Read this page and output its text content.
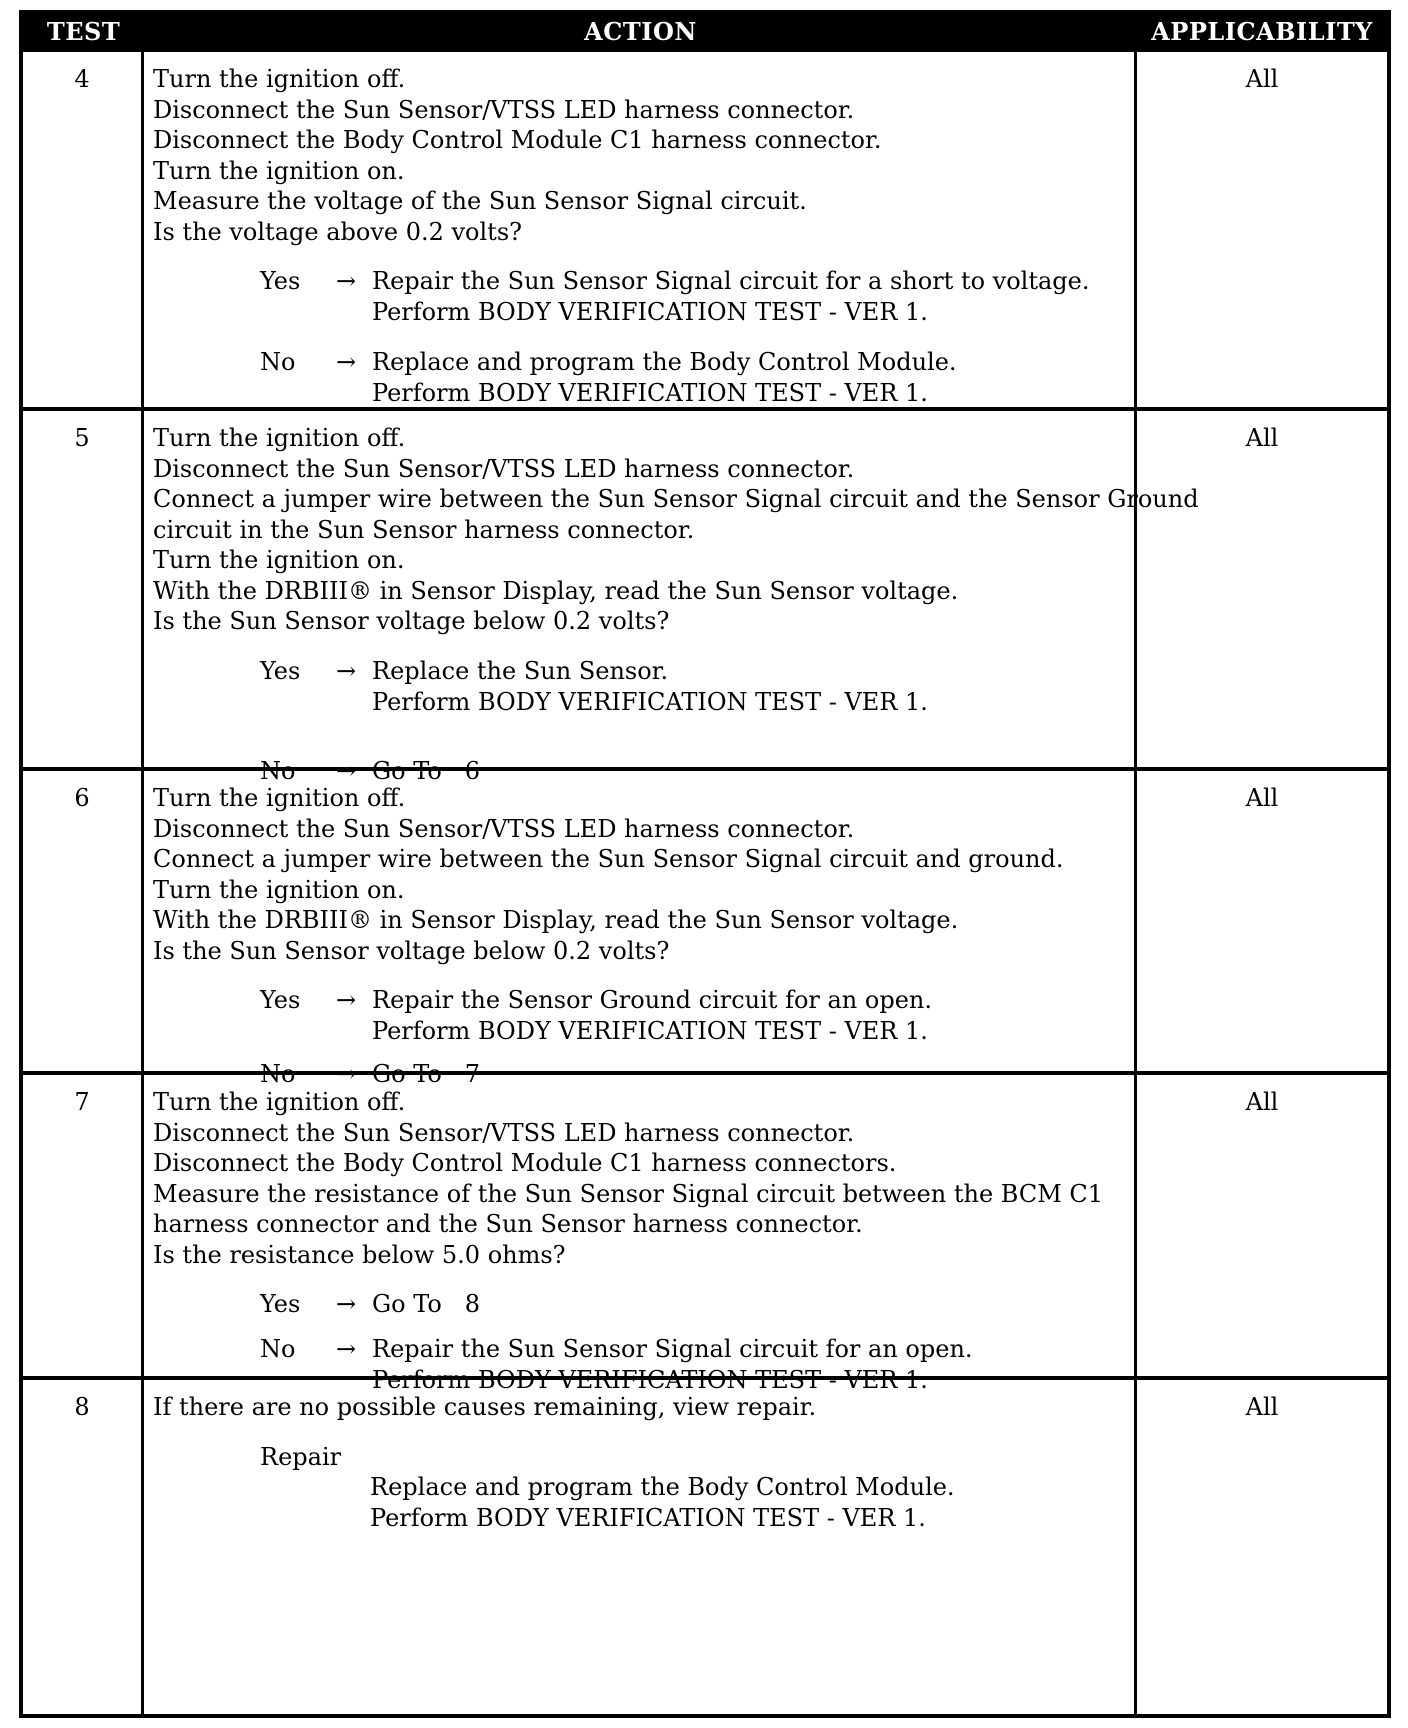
TEST	ACTION	APPLICABILITY
4	Turn the ignition off.
Disconnect the Sun Sensor/VTSS LED harness connector.
Disconnect the Body Control Module C1 harness connector.
Turn the ignition on.
Measure the voltage of the Sun Sensor Signal circuit.
Is the voltage above 0.2 volts?
Yes	→ Repair the Sun Sensor Signal circuit for a short to voltage.
Perform BODY VERIFICATION TEST - VER 1.
No	→ Replace and program the Body Control Module.
Perform BODY VERIFICATION TEST - VER 1.
All
5	Turn the ignition off.
Disconnect the Sun Sensor/VTSS LED harness connector.
Connect a jumper wire between the Sun Sensor Signal circuit and the Sensor Ground
circuit in the Sun Sensor harness connector.
Turn the ignition on.
With the DRBIII® in Sensor Display, read the Sun Sensor voltage.
Is the Sun Sensor voltage below 0.2 volts?
Yes	→ Replace the Sun Sensor.
Perform BODY VERIFICATION TEST - VER 1.
No	→ Go To   6
All
6	Turn the ignition off.
Disconnect the Sun Sensor/VTSS LED harness connector.
Connect a jumper wire between the Sun Sensor Signal circuit and ground.
Turn the ignition on.
With the DRBIII® in Sensor Display, read the Sun Sensor voltage.
Is the Sun Sensor voltage below 0.2 volts?
Yes	→ Repair the Sensor Ground circuit for an open.
Perform BODY VERIFICATION TEST - VER 1.
No	→ Go To   7
All
7	Turn the ignition off.
Disconnect the Sun Sensor/VTSS LED harness connector.
Disconnect the Body Control Module C1 harness connectors.
Measure the resistance of the Sun Sensor Signal circuit between the BCM C1
harness connector and the Sun Sensor harness connector.
Is the resistance below 5.0 ohms?
Yes	→ Go To   8
No	→ Repair the Sun Sensor Signal circuit for an open.
Perform BODY VERIFICATION TEST - VER 1.
All
8	If there are no possible causes remaining, view repair.
Repair
Replace and program the Body Control Module.
Perform BODY VERIFICATION TEST - VER 1.
All
